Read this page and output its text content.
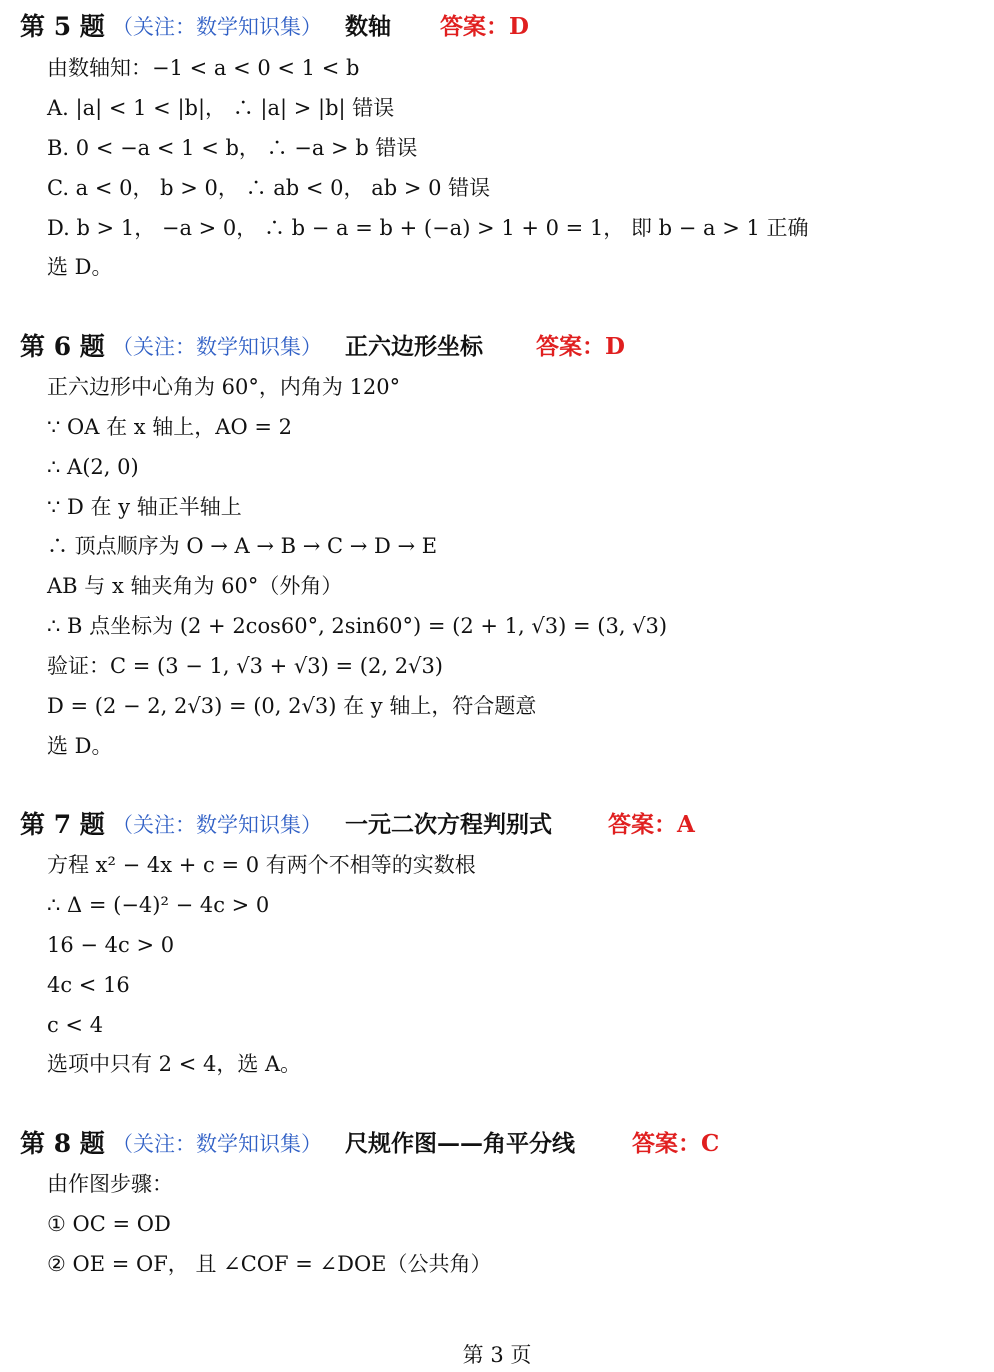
第 5 题 （关注：数学知识集） 数轴 答案：D
由数轴知：−1 < a < 0 < 1 < b
A. |a| < 1 < |b|， ∴ |a| > |b| 错误
B. 0 < −a < 1 < b， ∴ −a > b 错误
C. a < 0， b > 0， ∴ ab < 0， ab > 0 错误
D. b > 1， −a > 0， ∴ b − a = b + (−a) > 1 + 0 = 1， 即 b − a > 1 正确
选 D。
第 6 题 （关注：数学知识集） 正六边形坐标 答案：D
正六边形中心角为 60°，内角为 120°
∵ OA 在 x 轴上，AO = 2
∴ A(2, 0)
∵ D 在 y 轴正半轴上
∴ 顶点顺序为 O → A → B → C → D → E
AB 与 x 轴夹角为 60°（外角）
∴ B 点坐标为 (2 + 2cos60°, 2sin60°) = (2 + 1, √3) = (3, √3)
验证：C = (3 − 1, √3 + √3) = (2, 2√3)
D = (2 − 2, 2√3) = (0, 2√3) 在 y 轴上，符合题意
选 D。
第 7 题 （关注：数学知识集） 一元二次方程判别式 答案：A
方程 x² − 4x + c = 0 有两个不相等的实数根
∴ Δ = (−4)² − 4c > 0
16 − 4c > 0
4c < 16
c < 4
选项中只有 2 < 4，选 A。
第 8 题 （关注：数学知识集） 尺规作图——角平分线 答案：C
由作图步骤：
① OC = OD
② OE = OF， 且 ∠COF = ∠DOE（公共角）
第 3 页
